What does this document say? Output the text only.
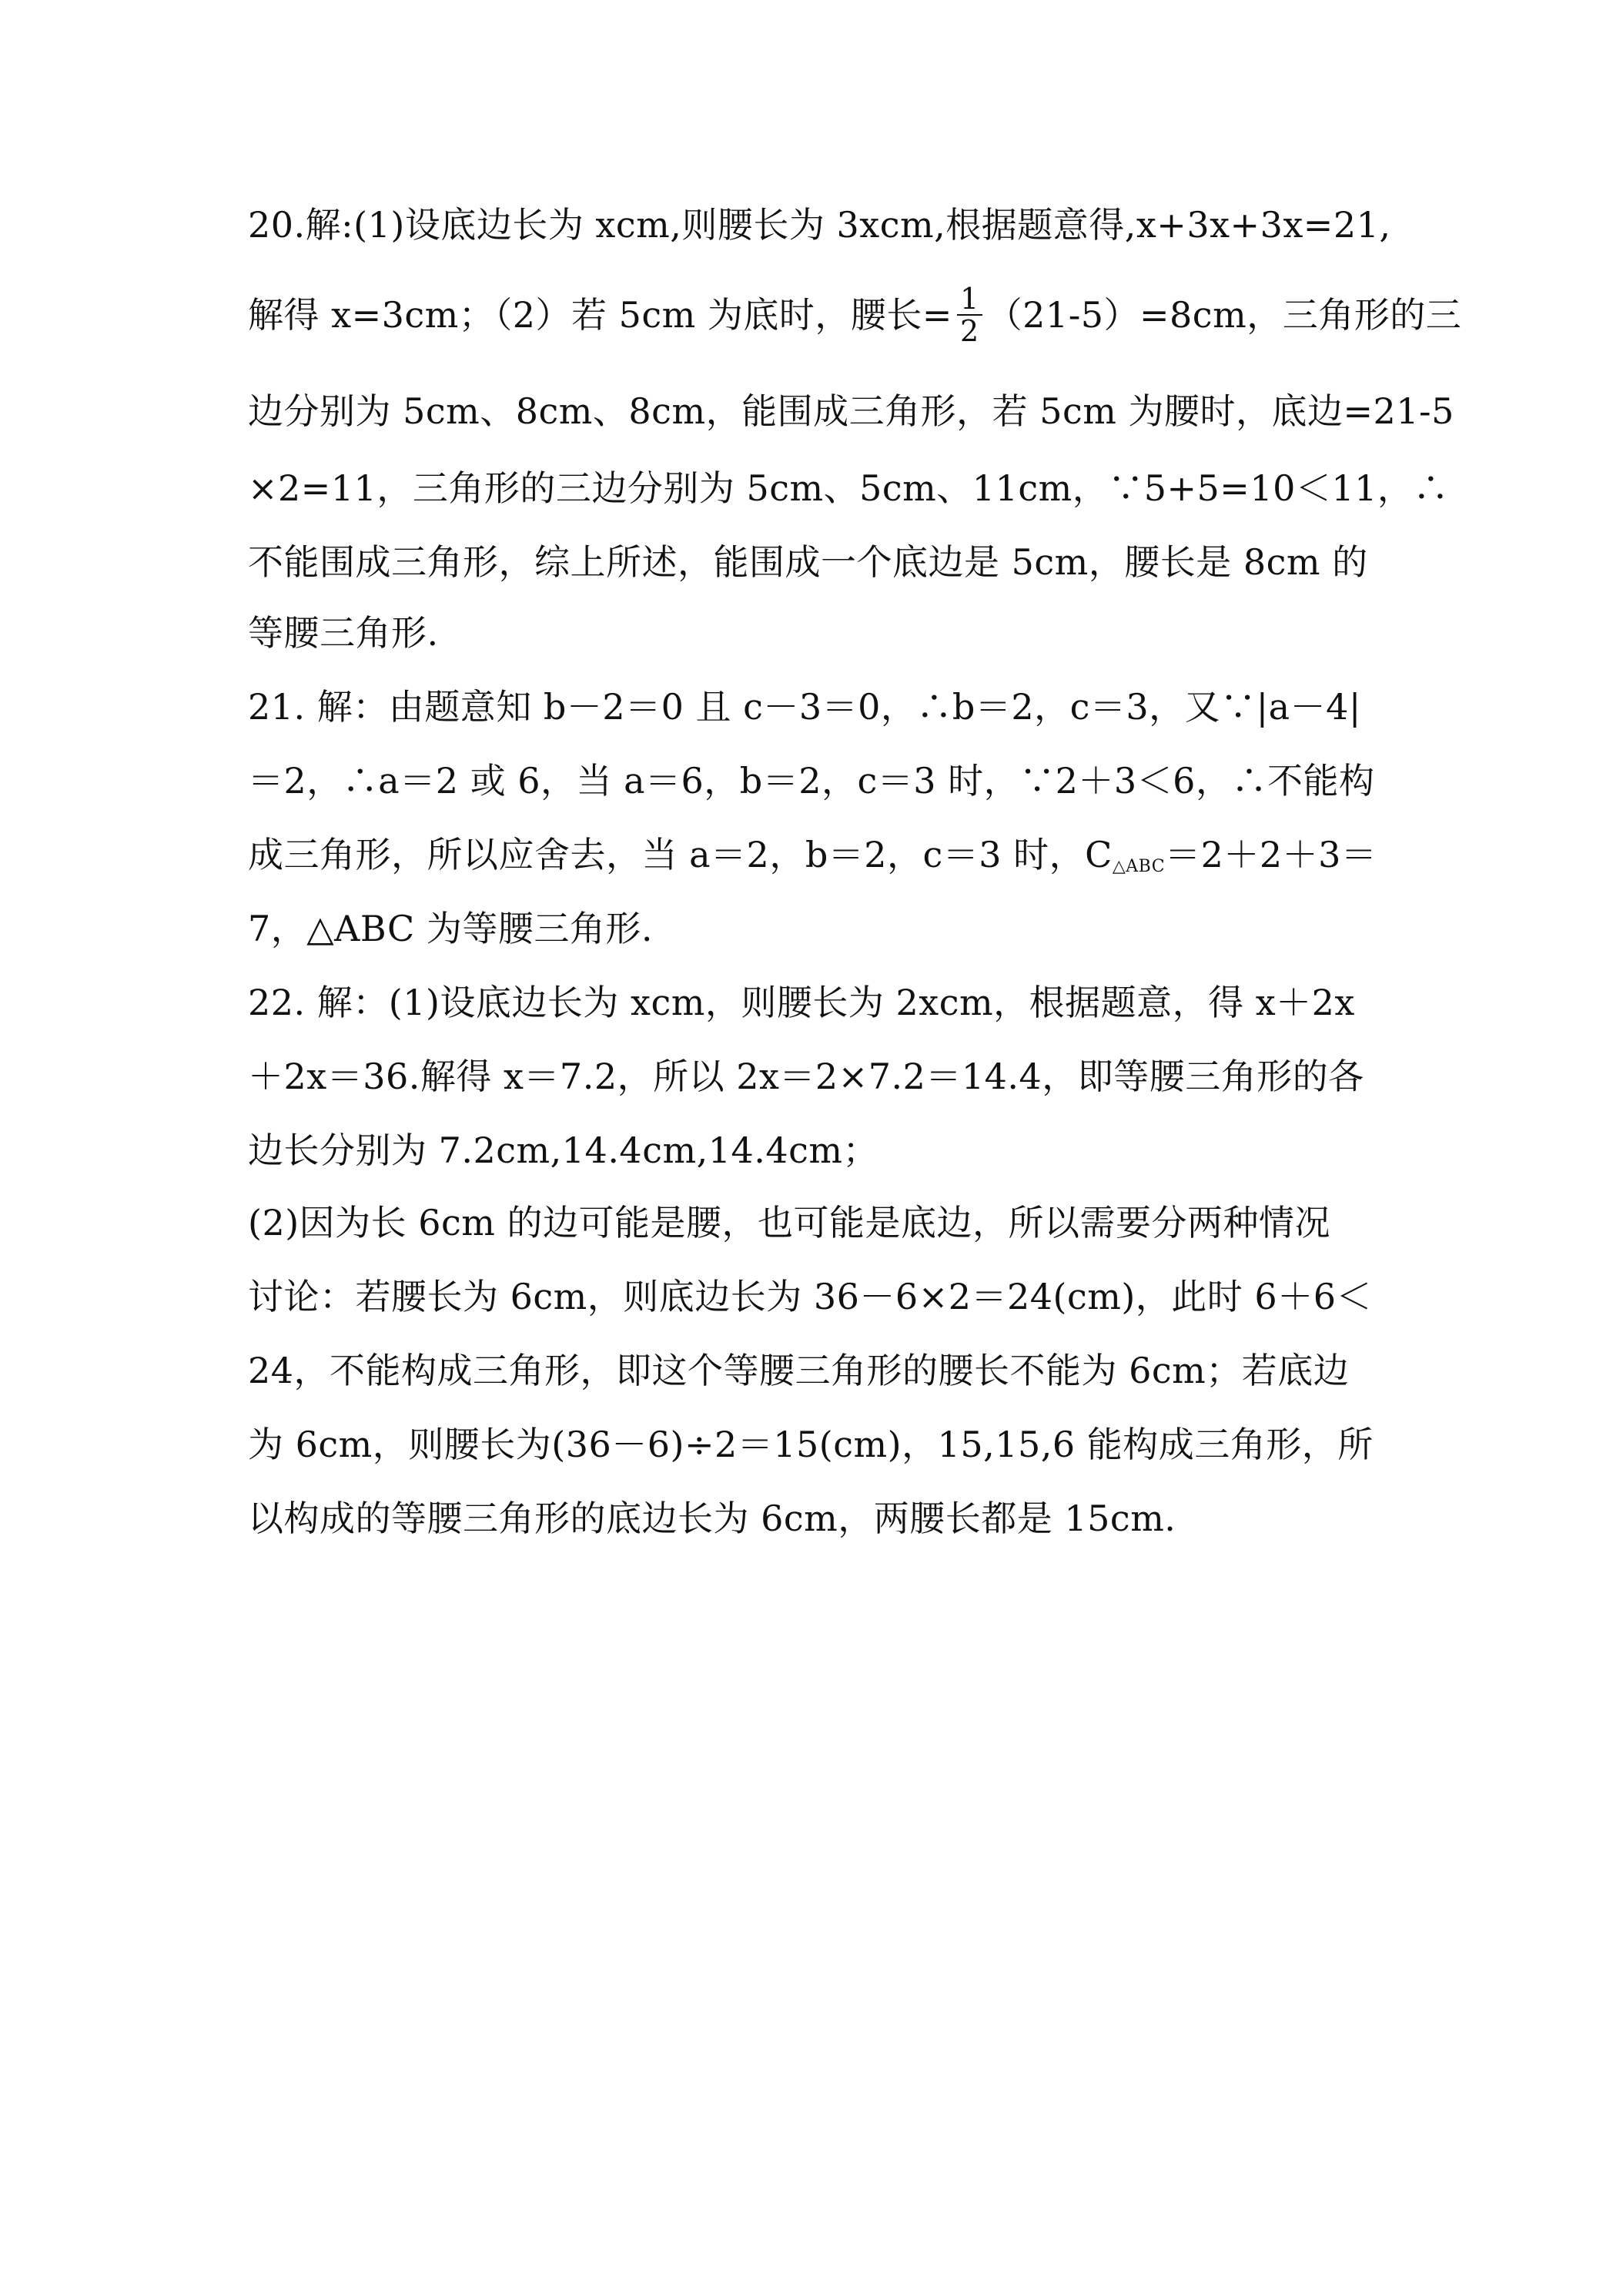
20.解:(1)设底边长为 xcm,则腰长为 3xcm,根据题意得,x+3x+3x=21,
解得 x=3cm；（2）若 5cm 为底时，腰长= $\frac{1}{2} (21-5)=8cm$，三角形的三
边分别为 5cm、8cm、8cm，能围成三角形，若 5cm 为腰时，底边=21-5
×2=11，三角形的三边分别为 5cm、5cm、11cm，∵5+5=10＜11，∴
不能围成三角形，综上所述，能围成一个底边是 5cm，腰长是 8cm 的
等腰三角形.
21. 解：由题意知 b－2＝0 且 c－3＝0，∴b＝2，c＝3，又∵|a－4|
＝2，∴a＝2 或 6，当 a＝6，b＝2，c＝3 时，∵2＋3＜6，∴不能构
成三角形，所以应舍去，当 a＝2，b＝2，c＝3 时，$C_{\triangle ABC}=2+2+3=$
7，△ABC 为等腰三角形.
22. 解：(1)设底边长为 xcm，则腰长为 2xcm，根据题意，得 x＋2x
＋2x＝36.解得 x＝7.2，所以 2x＝2×7.2＝14.4，即等腰三角形的各
边长分别为 7.2cm,14.4cm,14.4cm；
(2)因为长 6cm 的边可能是腰，也可能是底边，所以需要分两种情况
讨论：若腰长为 6cm，则底边长为 36－6×2＝24(cm)，此时 6＋6＜
24，不能构成三角形，即这个等腰三角形的腰长不能为 6cm；若底边
为 6cm，则腰长为(36－6)÷2＝15(cm)，15,15,6 能构成三角形，所
以构成的等腰三角形的底边长为 6cm，两腰长都是 15cm.
